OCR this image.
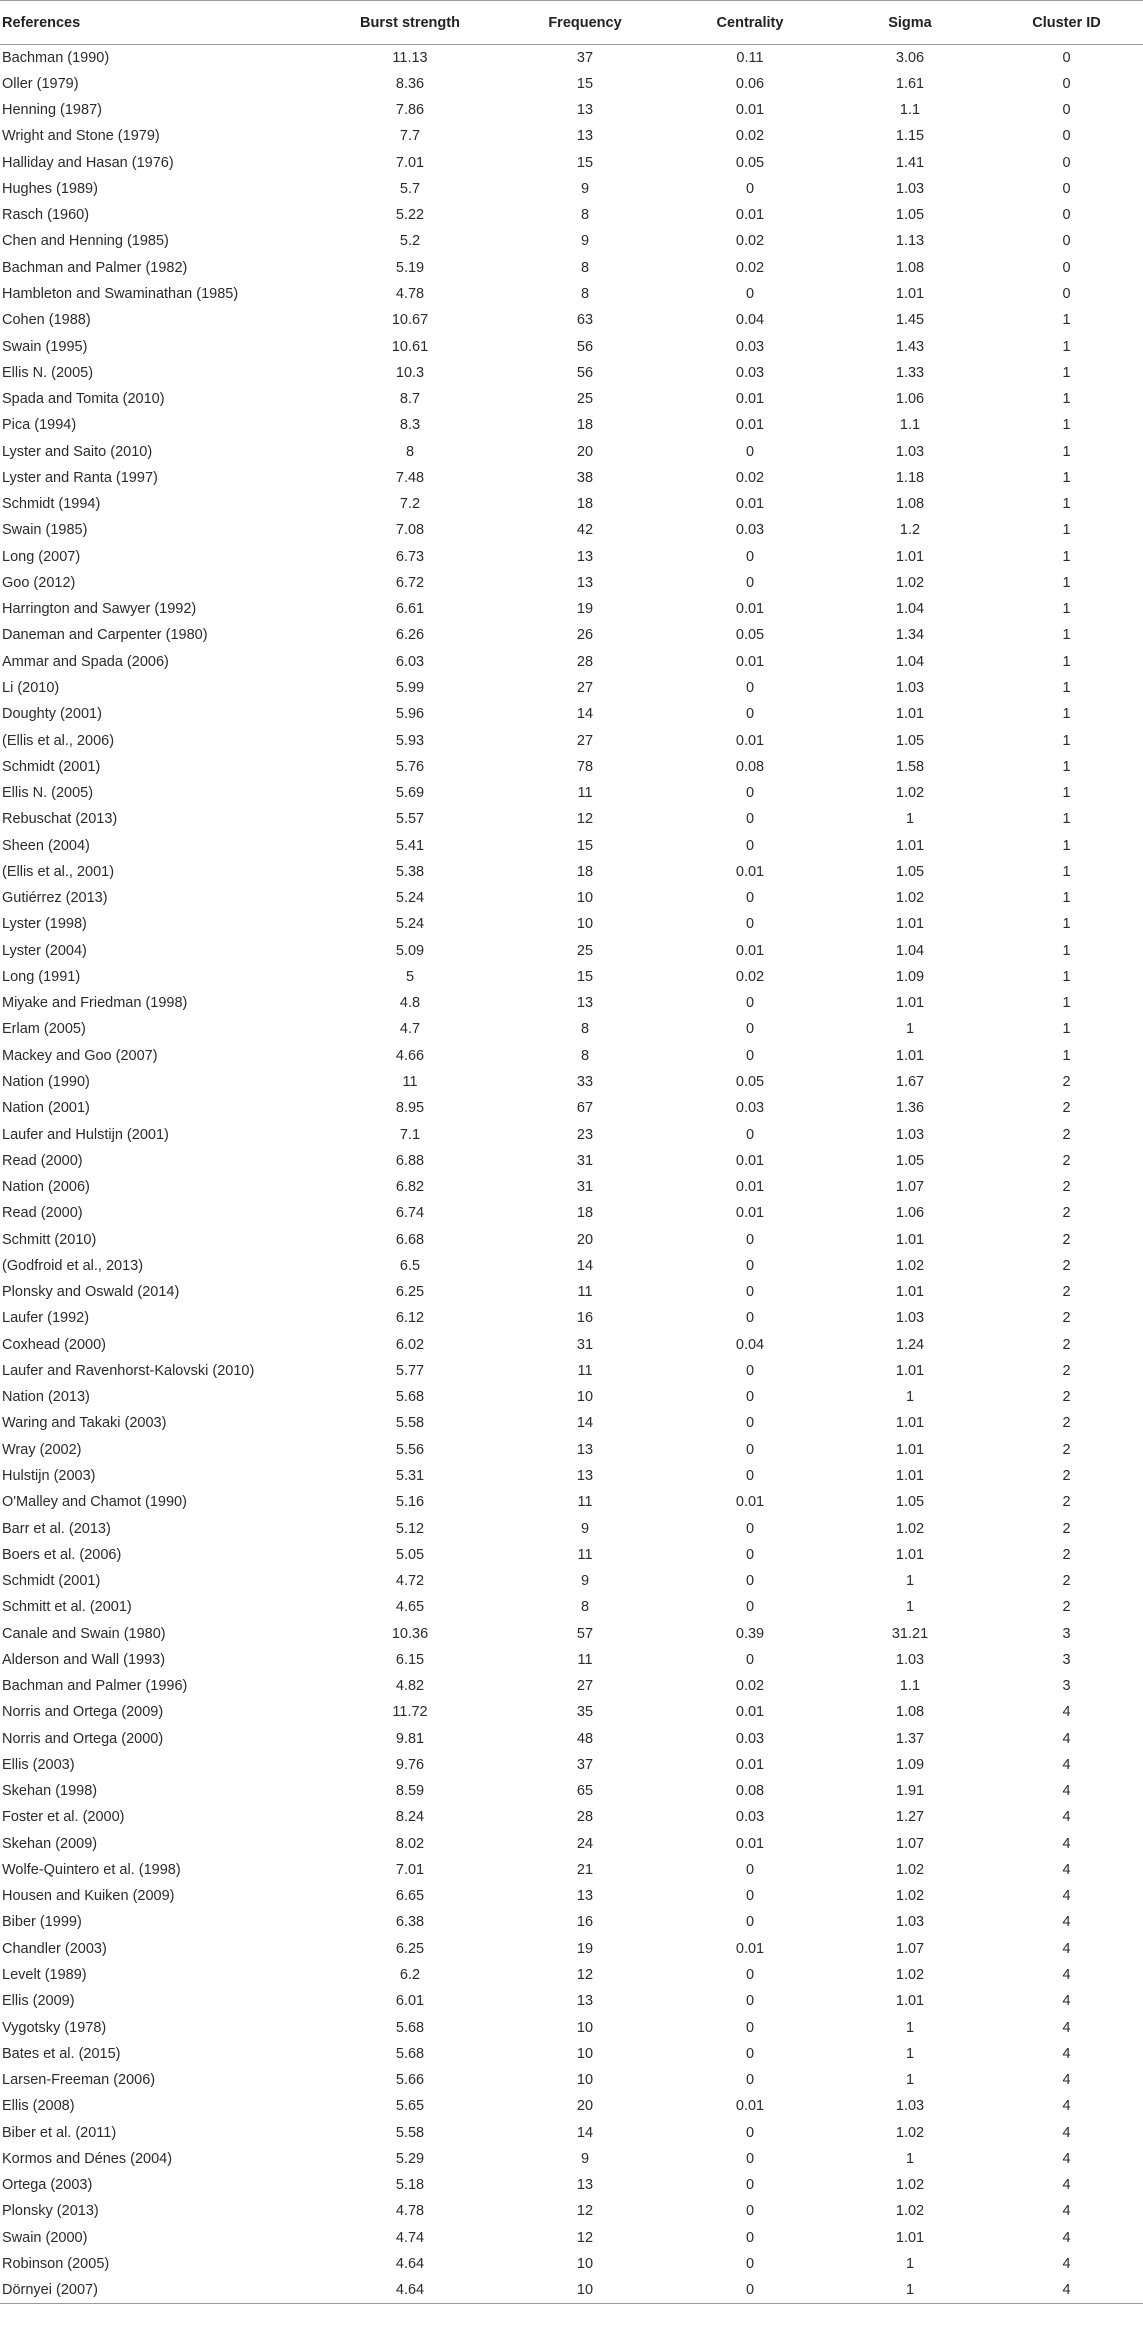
References	Burst strength	Frequency	Centrality	Sigma	Cluster ID
Bachman (1990)	11.13	37	0.11	3.06	0
Oller (1979)	8.36	15	0.06	1.61	0
Henning (1987)	7.86	13	0.01	1.1	0
Wright and Stone (1979)	7.7	13	0.02	1.15	0
Halliday and Hasan (1976)	7.01	15	0.05	1.41	0
Hughes (1989)	5.7	9	0	1.03	0
Rasch (1960)	5.22	8	0.01	1.05	0
Chen and Henning (1985)	5.2	9	0.02	1.13	0
Bachman and Palmer (1982)	5.19	8	0.02	1.08	0
Hambleton and Swaminathan (1985)	4.78	8	0	1.01	0
Cohen (1988)	10.67	63	0.04	1.45	1
Swain (1995)	10.61	56	0.03	1.43	1
Ellis N. (2005)	10.3	56	0.03	1.33	1
Spada and Tomita (2010)	8.7	25	0.01	1.06	1
Pica (1994)	8.3	18	0.01	1.1	1
Lyster and Saito (2010)	8	20	0	1.03	1
Lyster and Ranta (1997)	7.48	38	0.02	1.18	1
Schmidt (1994)	7.2	18	0.01	1.08	1
Swain (1985)	7.08	42	0.03	1.2	1
Long (2007)	6.73	13	0	1.01	1
Goo (2012)	6.72	13	0	1.02	1
Harrington and Sawyer (1992)	6.61	19	0.01	1.04	1
Daneman and Carpenter (1980)	6.26	26	0.05	1.34	1
Ammar and Spada (2006)	6.03	28	0.01	1.04	1
Li (2010)	5.99	27	0	1.03	1
Doughty (2001)	5.96	14	0	1.01	1
(Ellis et al., 2006)	5.93	27	0.01	1.05	1
Schmidt (2001)	5.76	78	0.08	1.58	1
Ellis N. (2005)	5.69	11	0	1.02	1
Rebuschat (2013)	5.57	12	0	1	1
Sheen (2004)	5.41	15	0	1.01	1
(Ellis et al., 2001)	5.38	18	0.01	1.05	1
Gutiérrez (2013)	5.24	10	0	1.02	1
Lyster (1998)	5.24	10	0	1.01	1
Lyster (2004)	5.09	25	0.01	1.04	1
Long (1991)	5	15	0.02	1.09	1
Miyake and Friedman (1998)	4.8	13	0	1.01	1
Erlam (2005)	4.7	8	0	1	1
Mackey and Goo (2007)	4.66	8	0	1.01	1
Nation (1990)	11	33	0.05	1.67	2
Nation (2001)	8.95	67	0.03	1.36	2
Laufer and Hulstijn (2001)	7.1	23	0	1.03	2
Read (2000)	6.88	31	0.01	1.05	2
Nation (2006)	6.82	31	0.01	1.07	2
Read (2000)	6.74	18	0.01	1.06	2
Schmitt (2010)	6.68	20	0	1.01	2
(Godfroid et al., 2013)	6.5	14	0	1.02	2
Plonsky and Oswald (2014)	6.25	11	0	1.01	2
Laufer (1992)	6.12	16	0	1.03	2
Coxhead (2000)	6.02	31	0.04	1.24	2
Laufer and Ravenhorst-Kalovski (2010)	5.77	11	0	1.01	2
Nation (2013)	5.68	10	0	1	2
Waring and Takaki (2003)	5.58	14	0	1.01	2
Wray (2002)	5.56	13	0	1.01	2
Hulstijn (2003)	5.31	13	0	1.01	2
O'Malley and Chamot (1990)	5.16	11	0.01	1.05	2
Barr et al. (2013)	5.12	9	0	1.02	2
Boers et al. (2006)	5.05	11	0	1.01	2
Schmidt (2001)	4.72	9	0	1	2
Schmitt et al. (2001)	4.65	8	0	1	2
Canale and Swain (1980)	10.36	57	0.39	31.21	3
Alderson and Wall (1993)	6.15	11	0	1.03	3
Bachman and Palmer (1996)	4.82	27	0.02	1.1	3
Norris and Ortega (2009)	11.72	35	0.01	1.08	4
Norris and Ortega (2000)	9.81	48	0.03	1.37	4
Ellis (2003)	9.76	37	0.01	1.09	4
Skehan (1998)	8.59	65	0.08	1.91	4
Foster et al. (2000)	8.24	28	0.03	1.27	4
Skehan (2009)	8.02	24	0.01	1.07	4
Wolfe-Quintero et al. (1998)	7.01	21	0	1.02	4
Housen and Kuiken (2009)	6.65	13	0	1.02	4
Biber (1999)	6.38	16	0	1.03	4
Chandler (2003)	6.25	19	0.01	1.07	4
Levelt (1989)	6.2	12	0	1.02	4
Ellis (2009)	6.01	13	0	1.01	4
Vygotsky (1978)	5.68	10	0	1	4
Bates et al. (2015)	5.68	10	0	1	4
Larsen-Freeman (2006)	5.66	10	0	1	4
Ellis (2008)	5.65	20	0.01	1.03	4
Biber et al. (2011)	5.58	14	0	1.02	4
Kormos and Dénes (2004)	5.29	9	0	1	4
Ortega (2003)	5.18	13	0	1.02	4
Plonsky (2013)	4.78	12	0	1.02	4
Swain (2000)	4.74	12	0	1.01	4
Robinson (2005)	4.64	10	0	1	4
Dörnyei (2007)	4.64	10	0	1	4
